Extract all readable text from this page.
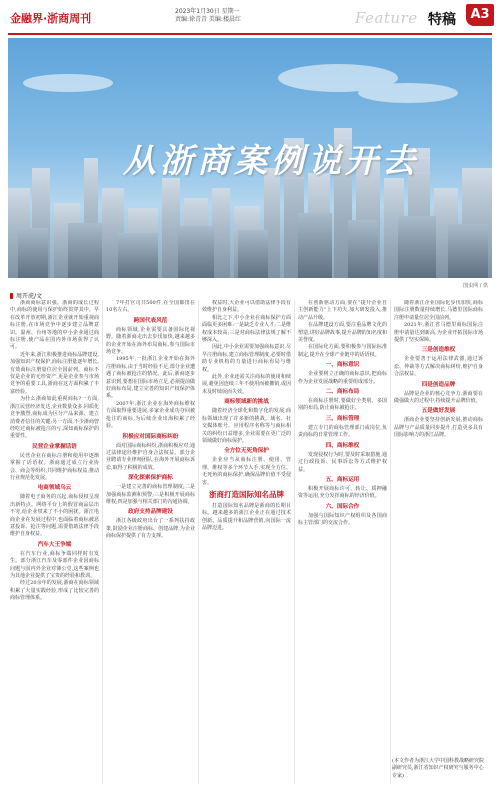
金融界·浙商周刊
2023年1月30日 星期一
责编:徐青青 美编:楼晨红	Feature 特稿	A3
从浙商案例说开去
图虫网 / 供
周开虎/文

浙商商标意识强。浙商的成长过程中,商标的使用与保护始终贯穿其中。早在改革开放初期,浙江企业就开始重视商标注册,在市场竞争中逐步建立品牌意识。温州、台州等地的中小企业通过商标注册,使产品在国内外市场获得了认可。

近年来,浙江积极推进商标品牌建设,加强知识产权保护,商标注册量逐年增长,有效商标注册量位居全国前列。商标不仅是企业的无形资产,更是企业参与市场竞争的重要工具,浙商在这方面积累了丰富经验。

为什么浙商如此重视商标?一方面,浙江民营经济发达,企业数量众多,同质化竞争激烈,商标成为区分产品来源、建立消费者信任的关键;另一方面,不少浙商曾经吃过商标被抢注的亏,深知商标保护的重要性。

民营企业掌握话语

民营企业在商标注册和使用中逐渐掌握了话语权。浙商通过成立行业协会、商会等组织,共同维护商标权益,推动行业规范化发展。

电商领域乌云

随着电子商务的兴起,商标侵权呈现出新特点。网络平台上的假冒商品层出不穷,给企业带来了不小的困扰。浙江电商企业在发展过程中,也面临着商标被恶意投诉、抢注等问题,需要借助法律手段维护自身权益。

汽车大王争端

在汽车行业,商标争端同样时有发生。部分浙江汽车及零部件企业因商标问题与国内外企业对簿公堂,这些案例也为其他企业提供了宝贵的经验和教训。

经过20余年的发展,浙商在商标领域积累了大量实践经验,形成了比较完善的商标管理体系。

7年打官司共500件,在全国都排在10名左右。

跨国代表风范

商标领域,企业需要具备国际化视野。随着浙商走出去步伐加快,越来越多的企业开始在海外布局商标,参与国际市场竞争。

1995年,一批浙江企业开始在海外注册商标,由于当时经验不足,部分企业遭遇了商标被抢注的情况。此后,浙商逐步意识到,要想在国际市场立足,必须提前做好商标布局,建立完善的知识产权保护体系。

2007年,浙江企业在海外商标维权方面取得重要进展,多家企业成功夺回被抢注的商标,为后续企业出海积累了经验。

积极应对国际商标纠纷

面对国际商标纠纷,浙商积极应对,通过法律途径维护自身合法权益。部分企业聘请专业律师团队,在海外开展商标诉讼,取得了积极的成效。

深化探索保护商标

一是建立完善的商标管理制度;二是加强商标监测和预警;三是积极开展商标维权;四是加强与相关部门的沟通协调。

政府支持品牌建设

浙江各级政府出台了一系列扶持政策,鼓励企业注册商标、创建品牌,为企业商标保护提供了有力支撑。

权益时,大企业可以借助法律手段有效维护自身利益。

相比之下,中小企业在商标保护方面面临更多困难:一是缺乏专业人才;二是维权成本较高;三是对商标法律法规了解不够深入。

因此,中小企业需要加强商标意识,尽早注册商标,建立商标管理制度,必要时借助专业机构的力量进行商标布局与维权。

此外,企业还需关注商标的使用和续展,避免因连续三年不使用而被撤销,或因未及时续展而失效。

商标领域新的挑战

随着经济全球化和数字化的发展,商标领域出现了许多新的挑战。域名、社交媒体账号、应用程序名称等与商标相关的纠纷日益增多,企业需要在更广泛的领域做好商标保护。

全方位无死角保护

企业应当从商标注册、使用、管理、维权等多个环节入手,实现全方位、无死角的商标保护,确保品牌价值不受侵害。

浙商打造国际知名品牌

打造国际知名品牌是浙商的长期目标。越来越多的浙江企业正在通过技术创新、品质提升和品牌营销,向国际一流品牌迈进。

在创新驱动方面,要在“提升企业自主创新能力”上下功夫,加大研发投入,推动产品升级。

在品牌建设方面,要注重品牌文化的塑造,讲好品牌故事,提升品牌的知名度和美誉度。

在国际化方面,要积极参与国际标准制定,提升在全球产业链中的话语权。

一、商标意识

企业要树立正确的商标意识,把商标作为企业发展战略的重要组成部分。

二、商标布局

在商标注册时,要做好全类别、多国别的布局,防止商标被抢注。

三、商标管理

建立专门的商标管理部门或岗位,负责商标的日常管理工作。

四、商标维权

发现侵权行为时,要及时采取措施,通过行政投诉、民事诉讼等方式维护权益。

五、商标运用

积极开展商标许可、转让、质押融资等运用,充分发挥商标的经济价值。

六、国际合作

加强与国际知识产权组织及各国商标主管部门的交流合作。

随着浙江企业国际化步伐加快,商标国际注册数量持续增长,马德里国际商标注册申请量位居全国前列。

2021年,浙江省马德里商标国际注册申请量达到新高,为企业开拓国际市场提供了坚实保障。

三是创造维权

企业要善于运用法律武器,通过诉讼、仲裁等方式解决商标纠纷,维护自身合法权益。

四是创造品牌

品牌是企业的核心竞争力,浙商要在做强做大的过程中,持续提升品牌价值。

五是做好发展

浙商企业要坚持创新发展,推动商标品牌与产品质量同步提升,打造更多具有国际影响力的浙江品牌。

(本文作者为浙江大学中国科教战略研究院副研究员,浙江省知识产权研究与服务中心专家)
